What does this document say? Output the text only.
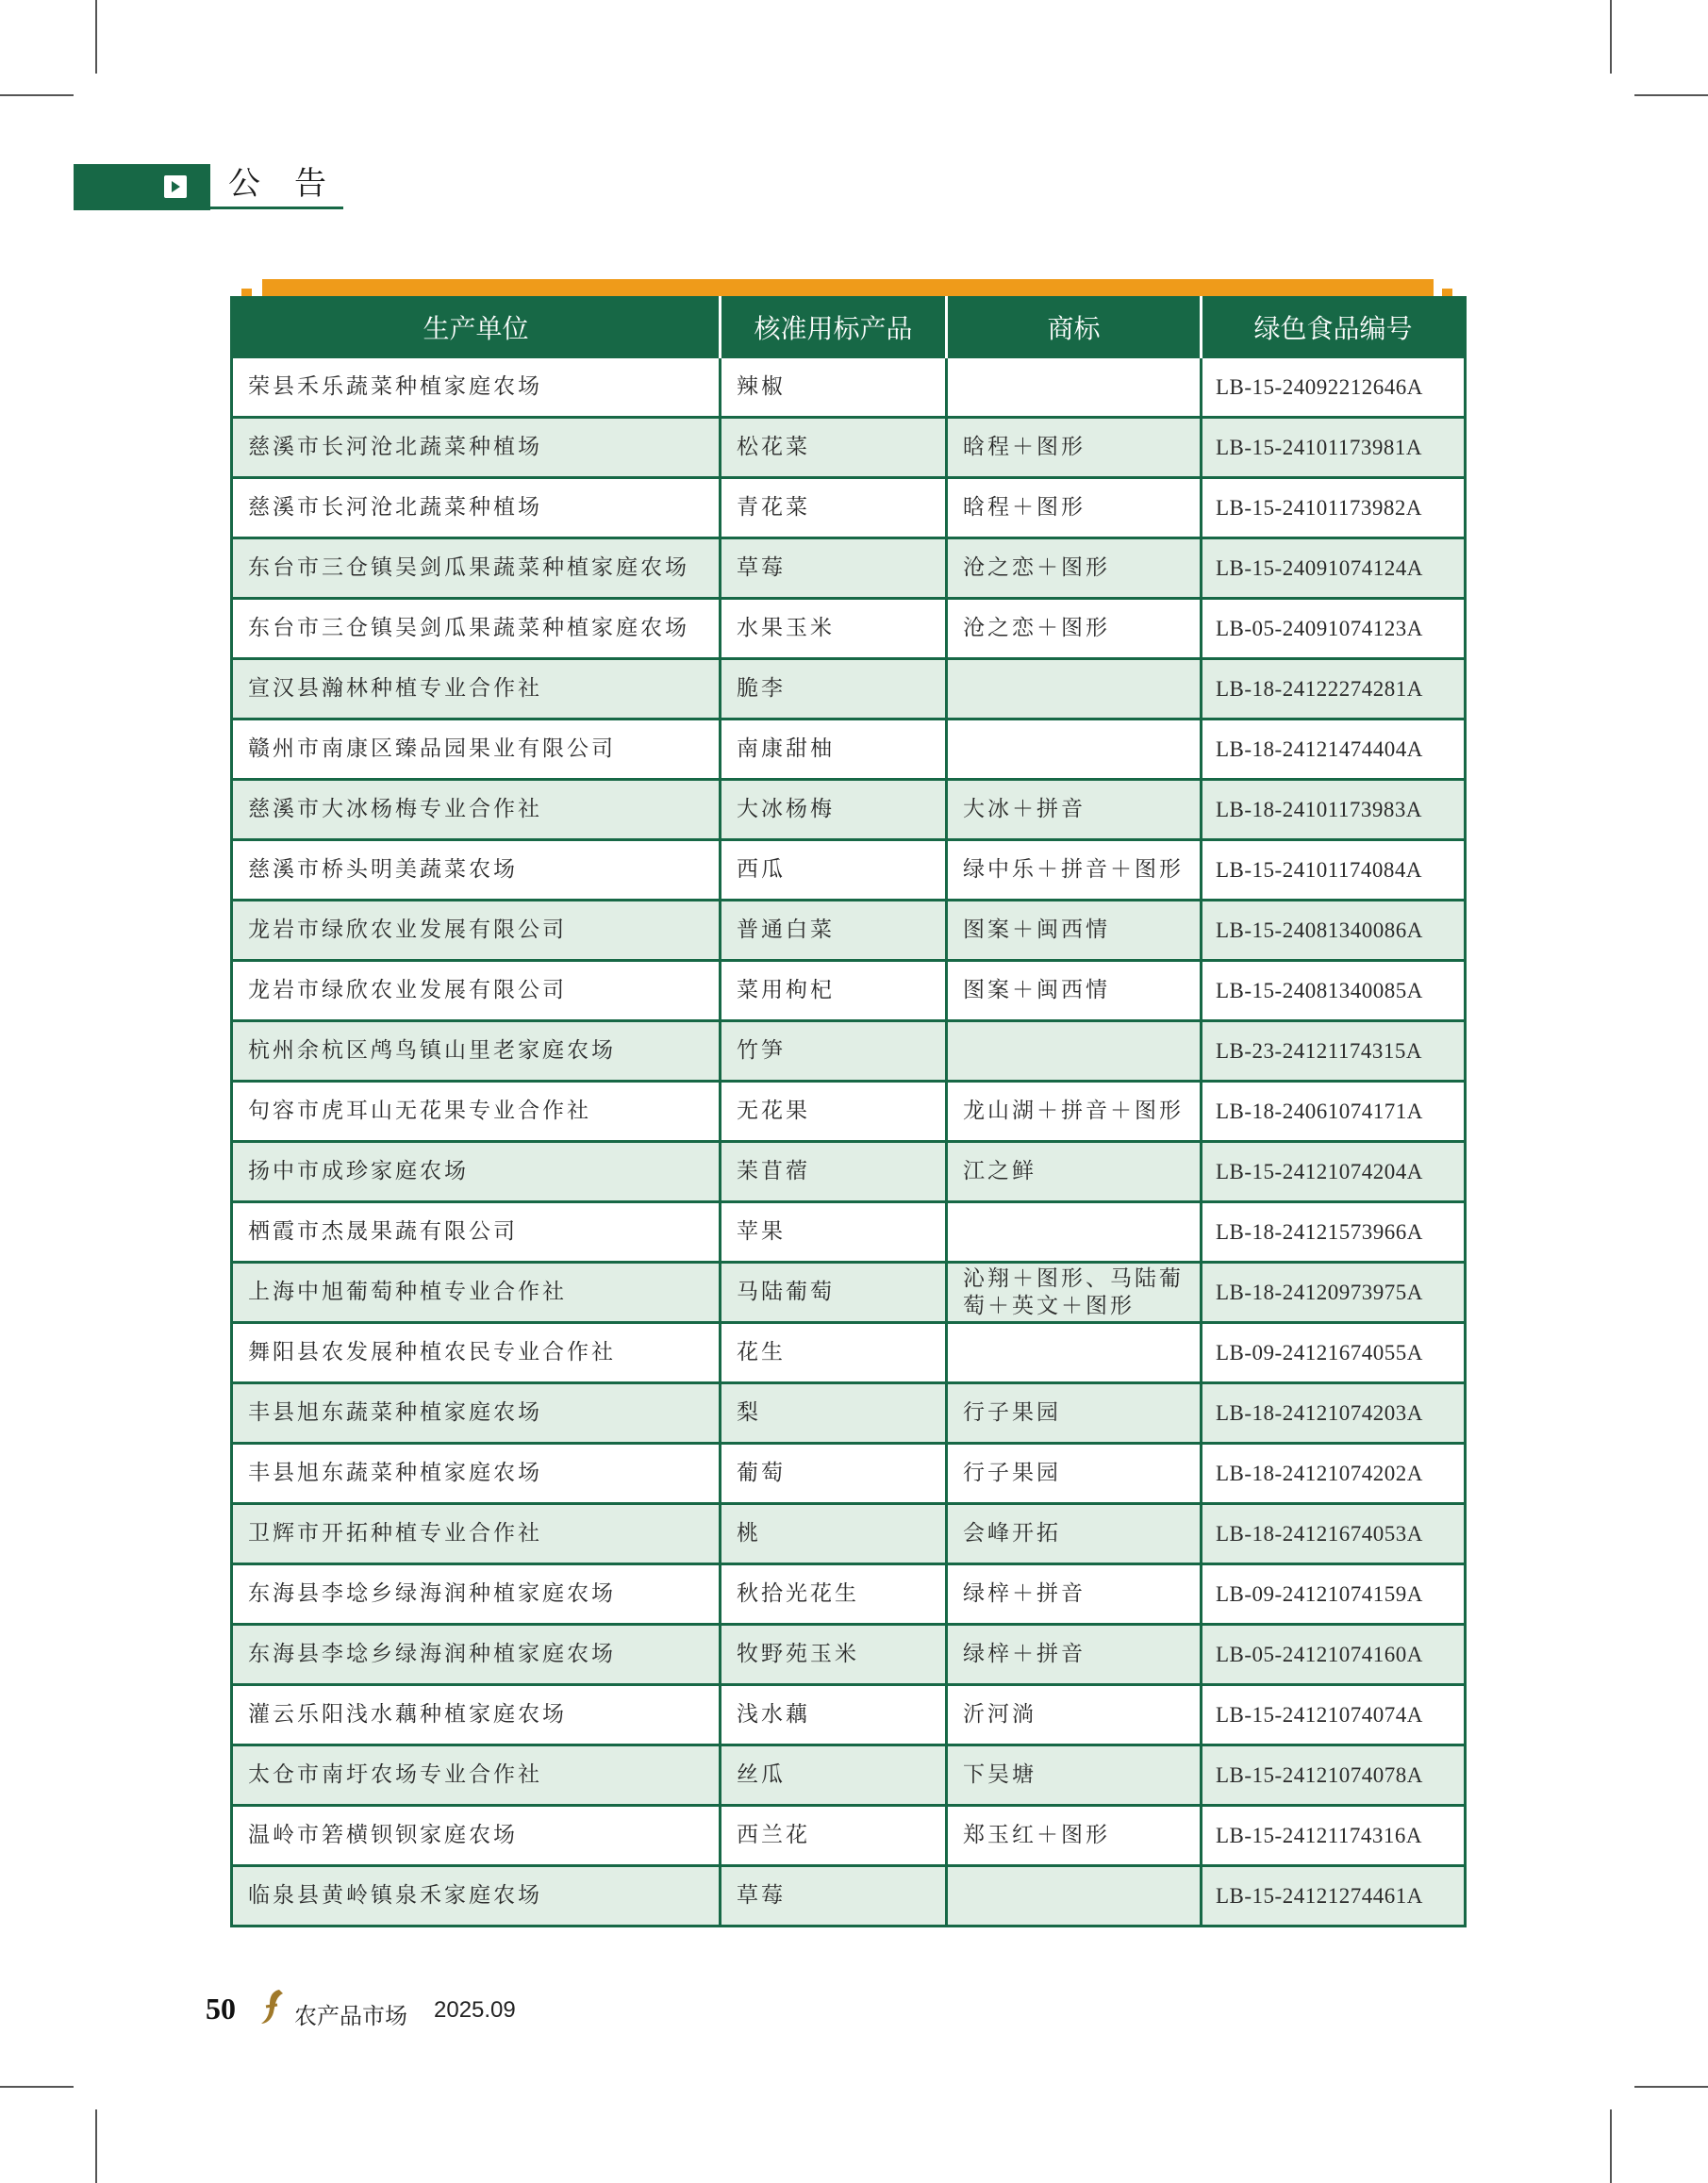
公告
生产单位	核准用标产品	商标	绿色食品编号
荣县禾乐蔬菜种植家庭农场	辣椒		LB-15-24092212646A
慈溪市长河沧北蔬菜种植场	松花菜	晗程＋图形	LB-15-24101173981A
慈溪市长河沧北蔬菜种植场	青花菜	晗程＋图形	LB-15-24101173982A
东台市三仓镇吴剑瓜果蔬菜种植家庭农场	草莓	沧之恋＋图形	LB-15-24091074124A
东台市三仓镇吴剑瓜果蔬菜种植家庭农场	水果玉米	沧之恋＋图形	LB-05-24091074123A
宣汉县瀚林种植专业合作社	脆李		LB-18-24122274281A
赣州市南康区臻品园果业有限公司	南康甜柚		LB-18-24121474404A
慈溪市大冰杨梅专业合作社	大冰杨梅	大冰＋拼音	LB-18-24101173983A
慈溪市桥头明美蔬菜农场	西瓜	绿中乐＋拼音＋图形	LB-15-24101174084A
龙岩市绿欣农业发展有限公司	普通白菜	图案＋闽西情	LB-15-24081340086A
龙岩市绿欣农业发展有限公司	菜用枸杞	图案＋闽西情	LB-15-24081340085A
杭州余杭区鸬鸟镇山里老家庭农场	竹笋		LB-23-24121174315A
句容市虎耳山无花果专业合作社	无花果	龙山湖＋拼音＋图形	LB-18-24061074171A
扬中市成珍家庭农场	苿苜蓿	江之鲜	LB-15-24121074204A
栖霞市杰晟果蔬有限公司	苹果		LB-18-24121573966A
上海中旭葡萄种植专业合作社	马陆葡萄	沁翔＋图形、马陆葡萄＋英文＋图形	LB-18-24120973975A
舞阳县农发展种植农民专业合作社	花生		LB-09-24121674055A
丰县旭东蔬菜种植家庭农场	梨	行子果园	LB-18-24121074203A
丰县旭东蔬菜种植家庭农场	葡萄	行子果园	LB-18-24121074202A
卫辉市开拓种植专业合作社	桃	会峰开拓	LB-18-24121674053A
东海县李埝乡绿海润种植家庭农场	秋拾光花生	绿梓＋拼音	LB-09-24121074159A
东海县李埝乡绿海润种植家庭农场	牧野苑玉米	绿梓＋拼音	LB-05-24121074160A
灌云乐阳浅水藕种植家庭农场	浅水藕	沂河淌	LB-15-24121074074A
太仓市南圩农场专业合作社	丝瓜	下吴塘	LB-15-24121074078A
温岭市箬横钡钡家庭农场	西兰花	郑玉红＋图形	LB-15-24121174316A
临泉县黄岭镇泉禾家庭农场	草莓		LB-15-24121274461A
50	农产品市场 2025.09
